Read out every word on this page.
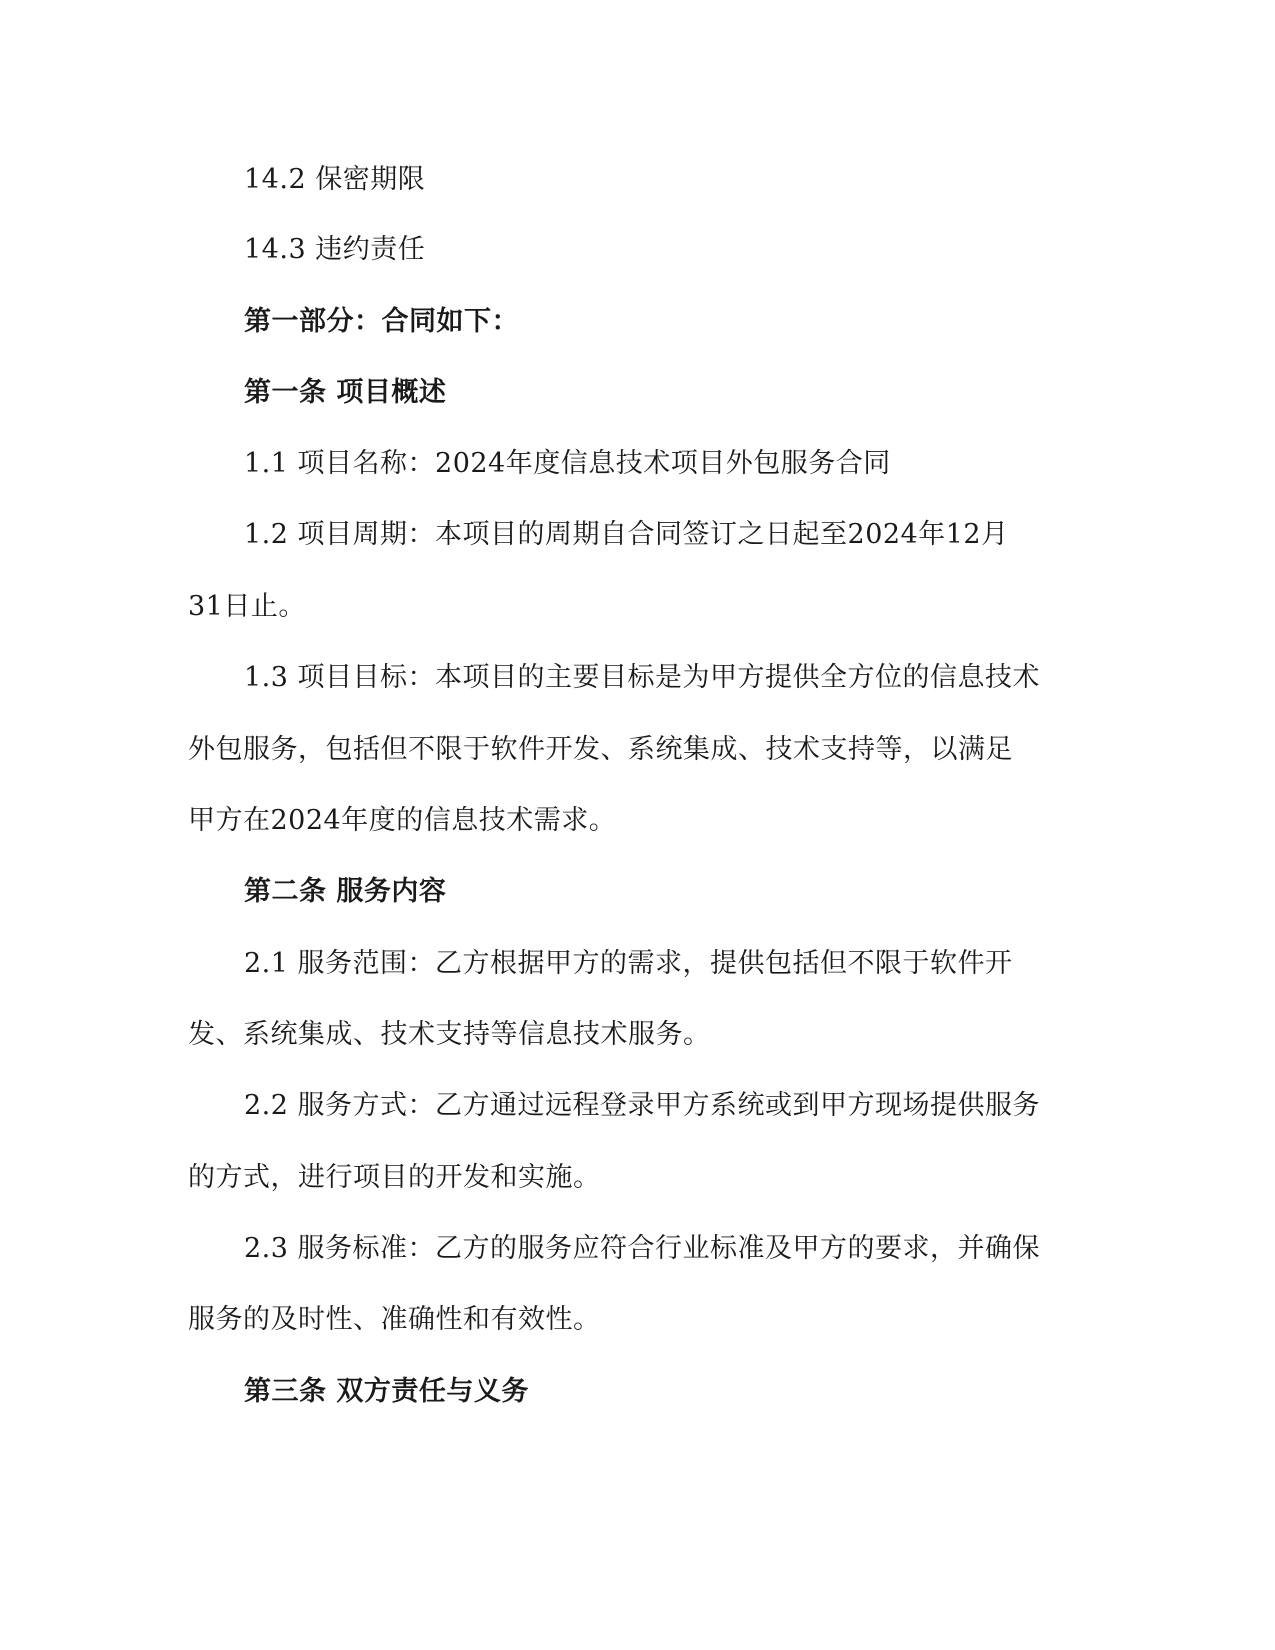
14.2 保密期限
14.3 违约责任
第一部分：合同如下：
第一条 项目概述
1.1 项目名称：2024年度信息技术项目外包服务合同
1.2 项目周期：本项目的周期自合同签订之日起至2024年12月
31日止。
1.3 项目目标：本项目的主要目标是为甲方提供全方位的信息技术
外包服务，包括但不限于软件开发、系统集成、技术支持等，以满足
甲方在2024年度的信息技术需求。
第二条 服务内容
2.1 服务范围：乙方根据甲方的需求，提供包括但不限于软件开
发、系统集成、技术支持等信息技术服务。
2.2 服务方式：乙方通过远程登录甲方系统或到甲方现场提供服务
的方式，进行项目的开发和实施。
2.3 服务标准：乙方的服务应符合行业标准及甲方的要求，并确保
服务的及时性、准确性和有效性。
第三条 双方责任与义务
